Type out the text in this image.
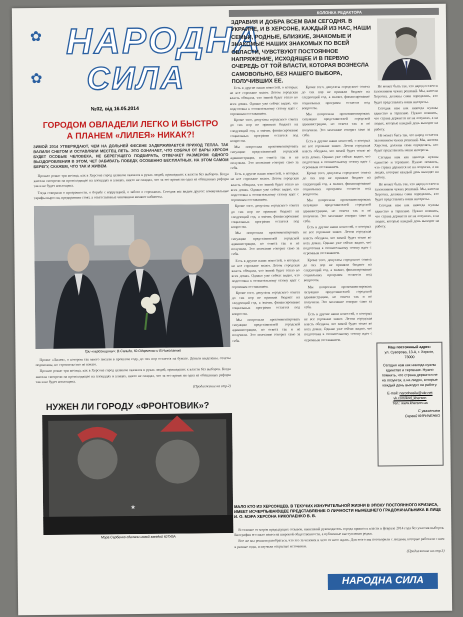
✿
✿
НАРОДНА
СИЛА
№02, від 16.05.2014
КОЛОНКА РЕДАКТОРА
ЗДРАВИЯ И ДОБРА ВСЕМ ВАМ СЕГОДНЯ. В УКРАИНЕ, И В ХЕРСОНЕ, КАЖДЫЙ ИЗ НАС, НАШИ СЕМЬИ, РОДНЫЕ, БЛИЗКИЕ, ЗНАКОМЫЕ И ЗНАКОМЫЕ НАШИХ ЗНАКОМЫХ ПО ВСЕЙ ОБЛАСТИ, ЧУВСТВУЮТ ПОСТОЯННОЕ НАПРЯЖЕНИЕ, ИСХОДЯЩЕЕ И В ПЕРВУЮ ОЧЕРЕДЬ ОТ ТОЙ ВЛАСТИ, КОТОРАЯ ВОЗНЕСЛА САМОВОЛЬНО, БЕЗ НАШЕГО ВЫБОРА, ПОЛУЧИВШИХ ЕЕ.
ГОРОДОМ ОВЛАДЕЛИ ЛЕГКО И БЫСТРО
А ПЛАНЕМ «ЛИЛЕЯ» НИКАК?!
ЗИМОЙ 2014 УТВЕРЖДАЮТ, ЧЕМ НА ДОЛЬНЕЙ ФЕСЕНЕ ЗАДЕРЖИВАЕТСЯ ПРИХОД ТЕПЛА. ТАК ВАЛИЛИ СНЕГОМ И ОСТАВЛЯЛИ МЕСТЕЦ ЛЕТЬ. ЭТО ОЗНАЧАЕТ, ЧТО СОБРАЛ ОТ ВАРЫ ХЕРСОН БУДЕТ ОСОБЫЕ ЧЕЛОВЕКА, НЕ БЕРЕГУЩЕГО ПОДБИРАТЬ, ОТВЕЧАЕТ РАЗМЕРОМ ОДНОГО ВЫЗДОРОВЛЕНИЯ В ЭТОМ, ЧЕТ ЗАБИВАТЬ ПОБЕДУ, ОСОБЕННО БЕСПЛАТНЫХ. НА ЭТОМ САМОМ БЕРЕГУ, СКАЖЕМ, ЧТО ТАК И ЖИВЕМ.

Прошло ровно три месяца, как в Херсоне город целиком оказался в руках людей, пришедших к власти без выборов. Когда жители смотрели на происходящее на площадях и улицах, никто не ожидал, что за это время ни одна из обещанных реформ так и не будет воплощена.

Тогда говорили о прозрачности, о борьбе с коррупцией, о заботе о горожанах. Сегодня мы видим другое: коммунальные тарифы выросли, предприятия стоят, а ответственные чиновники меняют кабинеты.

Три «херсонщины»: В.Сальдо, Ю.Одарченко и В.Николаенко

Проект «Лилея», о котором так много писали в прошлом году, до сих пор остается на бумаге. Деньги выделены, отчеты подписаны, но строительство не начато.

Прошло ровно три месяца, как в Херсоне город целиком оказался в руках людей, пришедших к власти без выборов. Когда жители смотрели на происходящее на площадях и улицах, никто не ожидал, что за это время ни одна из обещанных реформ так и не будет воплощена.

(Продолжение на стр.2)

Есть в другие наши новостей, о которых не все горожане знают. Летом городская власть обещала, что зимой будет тепло во всех домах. Однако уже сейчас видно, что подготовка к отопительному сезону идет с огромным отставанием.

Кроме того, депутаты городского совета до сих пор не приняли бюджет на следующий год, а значит, финансирование социальных программ остается под вопросом.

Мы попросили прокомментировать ситуацию представителей городской администрации, но ответа так и не получили. Это молчание говорит само за себя.

Есть в другие наши новостей, о которых не все горожане знают. Летом городская власть обещала, что зимой будет тепло во всех домах. Однако уже сейчас видно, что подготовка к отопительному сезону идет с огромным отставанием.

Кроме того, депутаты городского совета до сих пор не приняли бюджет на следующий год, а значит, финансирование социальных программ остается под вопросом.

Мы попросили прокомментировать ситуацию представителей городской администрации, но ответа так и не получили. Это молчание говорит само за себя.

Есть в другие наши новостей, о которых не все горожане знают. Летом городская власть обещала, что зимой будет тепло во всех домах. Однако уже сейчас видно, что подготовка к отопительному сезону идет с огромным отставанием.

Кроме того, депутаты городского совета до сих пор не приняли бюджет на следующий год, а значит, финансирование социальных программ остается под вопросом.

Мы попросили прокомментировать ситуацию представителей городской администрации, но ответа так и не получили. Это молчание говорит само за себя.

Кроме того, депутаты городского совета до сих пор не приняли бюджет на следующий год, а значит, финансирование социальных программ остается под вопросом.

Мы попросили прокомментировать ситуацию представителей городской администрации, но ответа так и не получили. Это молчание говорит само за себя.

Есть в другие наши новостей, о которых не все горожане знают. Летом городская власть обещала, что зимой будет тепло во всех домах. Однако уже сейчас видно, что подготовка к отопительному сезону идет с огромным отставанием.

Кроме того, депутаты городского совета до сих пор не приняли бюджет на следующий год, а значит, финансирование социальных программ остается под вопросом.

Мы попросили прокомментировать ситуацию представителей городской администрации, но ответа так и не получили. Это молчание говорит само за себя.

Есть в другие наши новостей, о которых не все горожане знают. Летом городская власть обещала, что зимой будет тепло во всех домах. Однако уже сейчас видно, что подготовка к отопительному сезону идет с огромным отставанием.

Кроме того, депутаты городского совета до сих пор не приняли бюджет на следующий год, а значит, финансирование социальных программ остается под вопросом.

Мы попросили прокомментировать ситуацию представителей городской администрации, но ответа так и не получили. Это молчание говорит само за себя.

Есть в другие наши новостей, о которых не все горожане знают. Летом городская власть обещала, что зимой будет тепло во всех домах. Однако уже сейчас видно, что подготовка к отопительному сезону идет с огромным отставанием.

Не может быть так, что народ остается заложником чужих решений. Мы, жители Херсона, должны сами определять, кто будет представлять наши интересы.

Сегодня нам как никогда нужны единство и терпение. Нужно помнить, что страна держится не на лозунгах, а на людях, которые каждый день выходят на работу.

Не может быть так, что народ остается заложником чужих решений. Мы, жители Херсона, должны сами определять, кто будет представлять наши интересы.

Сегодня нам как никогда нужны единство и терпение. Нужно помнить, что страна держится не на лозунгах, а на людях, которые каждый день выходят на работу.

Не может быть так, что народ остается заложником чужих решений. Мы, жители Херсона, должны сами определять, кто будет представлять наши интересы.

Сегодня нам как никогда нужны единство и терпение. Нужно помнить, что страна держится не на лозунгах, а на людях, которые каждый день выходят на работу.

Наш постоянный адрес:
ул. Суворова, 13-А, г. Херсон, 73000
Сегодня нам как никогда нужны единство и терпение. Нужно помнить, что страна держится не на лозунгах, а на людях, которые каждый день выходят на работу.
E-mail: narodnasila@ukr.net
vk.com/kod_kherson
Тел.: www.kherson.ua
С уважением
Сергей КИРИЧЕНКО
НУЖЕН ЛИ ГОРОДУ «ФРОНТОВИК»?
★
Мэра Сербенко сделали новой звездой ЮТУБА
МАЛО КТО ИЗ ХЕРСОНЦЕВ, В ТЕКУЧИХ ИЗНУРИТЕЛЬНОЙ ЖИЗНИ В ЭПОХУ ПОСТОЯННОГО КРИЗИСА, ИМЕЕТ ИСЧЕРПЫВАЮЩЕЕ ПРЕДСТАВЛЕНИЕ О ЛИЧНОСТИ НЫНЕШНЕГО ГРАДОНАЧАЛЬНИКА В ЛИЦЕ И. О. МЭРА ХЕРСОНА НИКОЛАЕНКО В. В.

В отличие от мэров предыдущих созывов, нынешний руководитель города пришел к власти в феврале 2014 года без участия выборов. Биография его мало известна широкой общественности, а публичные выступления редки.

Все же мы решили разобраться, что это за человек и чего от него ждать. Для этого мы поговорили с людьми, которые работали с ним в разные годы, и изучили открытые источники.

(Продолжение на стр.3)

НАРОДНА СИЛА
